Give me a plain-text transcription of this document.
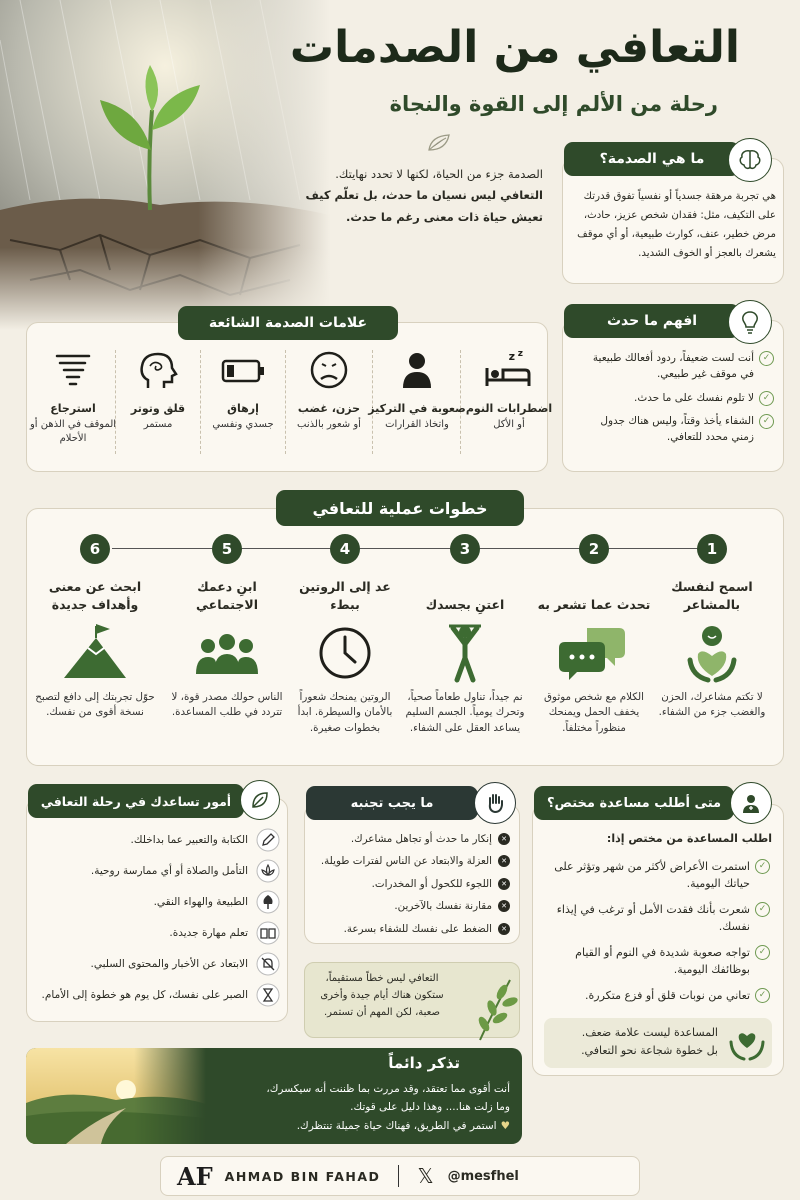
التعافي من الصدمات
رحلة من الألم إلى القوة والنجاة
الصدمة جزء من الحياة، لكنها لا تحدد نهايتك.
التعافي ليس نسيان ما حدث، بل تعلّم كيف تعيش حياة ذات معنى رغم ما حدث.
ما هي الصدمة؟
هي تجربة مرهقة جسدياً أو نفسياً تفوق قدرتك على التكيف، مثل: فقدان شخص عزيز، حادث، مرض خطير، عنف، كوارث طبيعية، أو أي موقف يشعرك بالعجز أو الخوف الشديد.
افهم ما حدث
✓ أنت لست ضعيفاً، ردود أفعالك طبيعية في موقف غير طبيعي.
✓ لا تلوم نفسك على ما حدث.
✓ الشفاء يأخذ وقتاً، وليس هناك جدول زمني محدد للتعافي.
علامات الصدمة الشائعة
z z
اضطرابات النوم
أو الأكل
صعوبة في التركيز
واتخاذ القرارات
حزن، غضب
أو شعور بالذنب
إرهاق
جسدي ونفسي
قلق وتوتر
مستمر
استرجاع
الموقف في الذهن أو الأحلام
خطوات عملية للتعافي
1
2
3
4
5
6
اسمح لنفسك بالمشاعر
لا تكتم مشاعرك، الحزن والغضب جزء من الشفاء.
تحدث عما تشعر به
الكلام مع شخص موثوق يخفف الحمل ويمنحك منظوراً مختلفاً.
اعتنِ بجسدك
نم جيداً، تناول طعاماً صحياً، وتحرك يومياً. الجسم السليم يساعد العقل على الشفاء.
عد إلى الروتين ببطء
الروتين يمنحك شعوراً بالأمان والسيطرة. ابدأ بخطوات صغيرة.
ابنِ دعمك الاجتماعي
الناس حولك مصدر قوة، لا تتردد في طلب المساعدة.
ابحث عن معنى وأهداف جديدة
حوّل تجربتك إلى دافع لتصبح نسخة أقوى من نفسك.
أمور تساعدك في رحلة التعافي
الكتابة والتعبير عما بداخلك.
التأمل والصلاة أو أي ممارسة روحية.
الطبيعة والهواء النقي.
تعلم مهارة جديدة.
الابتعاد عن الأخبار والمحتوى السلبي.
الصبر على نفسك، كل يوم هو خطوة إلى الأمام.
ما يجب تجنبه
✕ إنكار ما حدث أو تجاهل مشاعرك.
✕ العزلة والابتعاد عن الناس لفترات طويلة.
✕ اللجوء للكحول أو المخدرات.
✕ مقارنة نفسك بالآخرين.
✕ الضغط على نفسك للشفاء بسرعة.
التعافي ليس خطاً مستقيماً، ستكون هناك أيام جيدة وأخرى صعبة، لكن المهم أن تستمر.
متى أطلب مساعدة مختص؟
اطلب المساعدة من مختص إذا:
✓ استمرت الأعراض لأكثر من شهر وتؤثر على حياتك اليومية.
✓ شعرت بأنك فقدت الأمل أو ترغب في إيذاء نفسك.
✓ تواجه صعوبة شديدة في النوم أو القيام بوظائفك اليومية.
✓ تعاني من نوبات قلق أو فزع متكررة.
المساعدة ليست علامة ضعف.
بل خطوة شجاعة نحو التعافي.
تذكر دائماً
أنت أقوى مما تعتقد، وقد مررت بما ظننت أنه سيكسرك،
وما زلت هنا.... وهذا دليل على قوتك.
♥استمر في الطريق، فهناك حياة جميلة تنتظرك.
AF AHMAD BIN FAHAD 𝕏 @mesfhel
